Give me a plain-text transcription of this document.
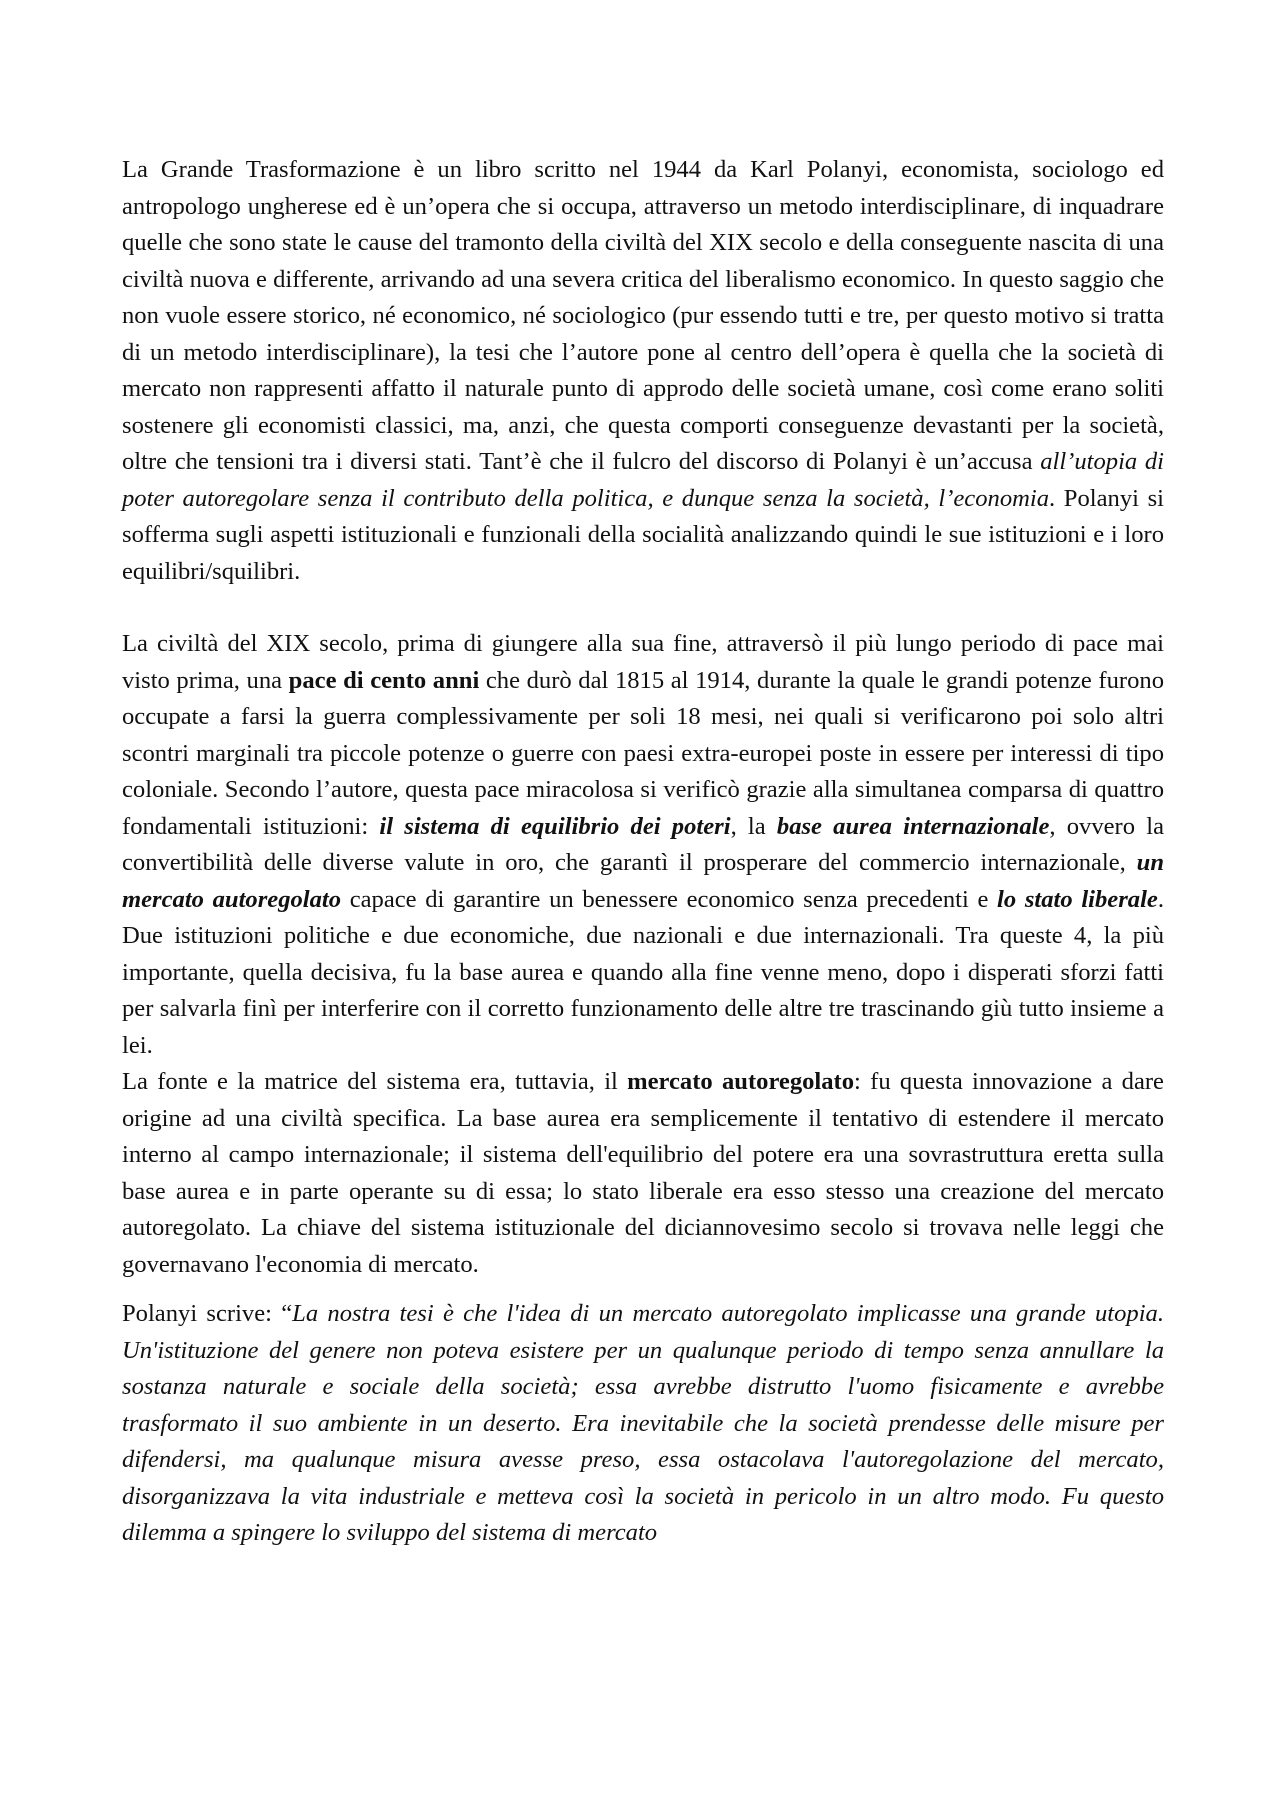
La Grande Trasformazione è un libro scritto nel 1944 da Karl Polanyi, economista, sociologo ed antropologo ungherese ed è un’opera che si occupa, attraverso un metodo interdisciplinare, di inquadrare quelle che sono state le cause del tramonto della civiltà del XIX secolo e della conseguente nascita di una civiltà nuova e differente, arrivando ad una severa critica del liberalismo economico. In questo saggio che non vuole essere storico, né economico, né sociologico (pur essendo tutti e tre, per questo motivo si tratta di un metodo interdisciplinare), la tesi che l’autore pone al centro dell’opera è quella che la società di mercato non rappresenti affatto il naturale punto di approdo delle società umane, così come erano soliti sostenere gli economisti classici, ma, anzi, che questa comporti conseguenze devastanti per la società, oltre che tensioni tra i diversi stati. Tant’è che il fulcro del discorso di Polanyi è un’accusa all’utopia di poter autoregolare senza il contributo della politica, e dunque senza la società, l’economia. Polanyi si sofferma sugli aspetti istituzionali e funzionali della socialità analizzando quindi le sue istituzioni e i loro equilibri/squilibri.

La civiltà del XIX secolo, prima di giungere alla sua fine, attraversò il più lungo periodo di pace mai visto prima, una pace di cento anni che durò dal 1815 al 1914, durante la quale le grandi potenze furono occupate a farsi la guerra complessivamente per soli 18 mesi, nei quali si verificarono poi solo altri scontri marginali tra piccole potenze o guerre con paesi extra-europei poste in essere per interessi di tipo coloniale. Secondo l’autore, questa pace miracolosa si verificò grazie alla simultanea comparsa di quattro fondamentali istituzioni: il sistema di equilibrio dei poteri, la base aurea internazionale, ovvero la convertibilità delle diverse valute in oro, che garantì il prosperare del commercio internazionale, un mercato autoregolato capace di garantire un benessere economico senza precedenti e lo stato liberale. Due istituzioni politiche e due economiche, due nazionali e due internazionali. Tra queste 4, la più importante, quella decisiva, fu la base aurea e quando alla fine venne meno, dopo i disperati sforzi fatti per salvarla finì per interferire con il corretto funzionamento delle altre tre trascinando giù tutto insieme a lei.

La fonte e la matrice del sistema era, tuttavia, il mercato autoregolato: fu questa innovazione a dare origine ad una civiltà specifica. La base aurea era semplicemente il tentativo di estendere il mercato interno al campo internazionale; il sistema dell'equilibrio del potere era una sovrastruttura eretta sulla base aurea e in parte operante su di essa; lo stato liberale era esso stesso una creazione del mercato autoregolato. La chiave del sistema istituzionale del diciannovesimo secolo si trovava nelle leggi che governavano l'economia di mercato.

Polanyi scrive: “La nostra tesi è che l'idea di un mercato autoregolato implicasse una grande utopia. Un'istituzione del genere non poteva esistere per un qualunque periodo di tempo senza annullare la sostanza naturale e sociale della società; essa avrebbe distrutto l'uomo fisicamente e avrebbe trasformato il suo ambiente in un deserto. Era inevitabile che la società prendesse delle misure per difendersi, ma qualunque misura avesse preso, essa ostacolava l'autoregolazione del mercato, disorganizzava la vita industriale e metteva così la società in pericolo in un altro modo. Fu questo dilemma a spingere lo sviluppo del sistema di mercato
